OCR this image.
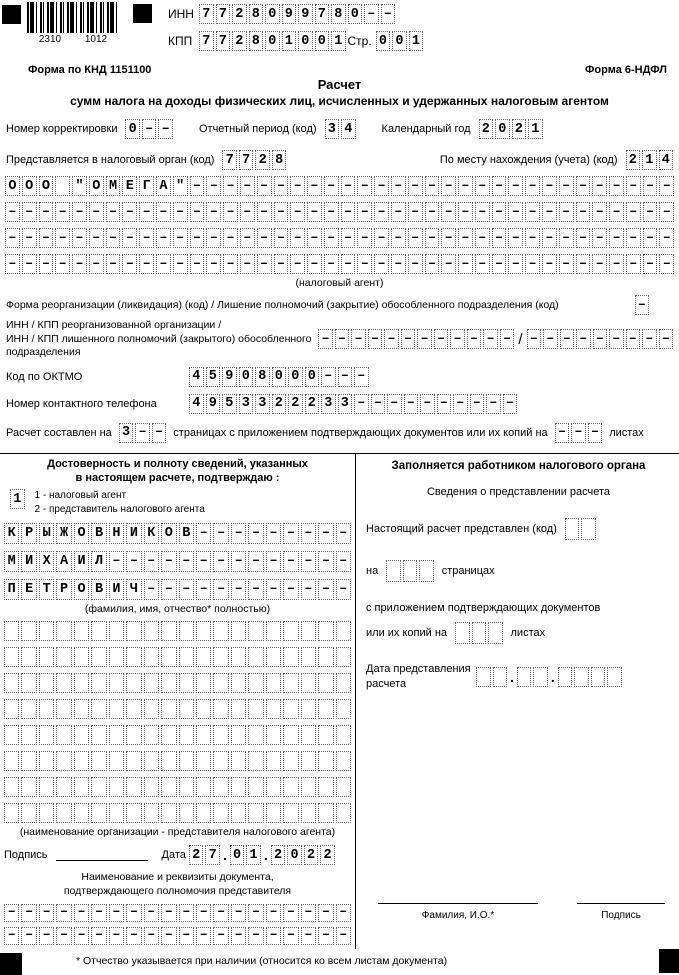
2310 1012
ИНН 7 7 2 8 0 9 9 7 8 0 – –
КПП 7 7 2 8 0 1 0 0 1 Стр. 0 0 1
Форма по КНД 1151100	Форма 6-НДФЛ
Расчет
сумм налога на доходы физических лиц, исчисленных и удержанных налоговым агентом
Номер корректировки 0 – –	Отчетный период (код) 3 4	Календарный год 2 0 2 1
Представляется в налоговый орган (код) 7 7 2 8	По месту нахождения (учета) (код) 2 1 4
О О О
" О М Е Г А " – – – – – – – – – – – – – – – – – – – – – – – – – – – – –
– – – – – – – – – – – – – – – – – – – – – – – – – – – – – – – – – – – – – – – –
– – – – – – – – – – – – – – – – – – – – – – – – – – – – – – – – – – – – – – – –
– – – – – – – – – – – – – – – – – – – – – – – – – – – – – – – – – – – – – – – –
(налоговый агент)
Форма реорганизации (ликвидация) (код) / Лишение полномочий (закрытие) обособленного подразделения (код)	–
ИНН / КПП реорганизованной организации /
ИНН / КПП лишенного полномочий (закрытого) обособленного
подразделения
– – – – – – – – – – – – / – – – – – – – – –
Код по ОКТМО	4 5 9 0 8 0 0 0 – – –
Номер контактного телефона	4 9 5 3 3 2 2 2 3 3 – – – – – – – – – –
Расчет составлен на 3 – – страницах с приложением подтверждающих документов или их копий на – – – листах
Достоверность и полноту сведений, указанных
в настоящем расчете, подтверждаю :
1	1 - налоговый агент
2 - представитель налогового агента
К Р Ы Ж О В Н И К О В – – – – – – – – –
М И Х А И Л – – – – – – – – – – – – – –
П Е Т Р О В И Ч – – – – – – – – – – – –
(фамилия, имя, отчество* полностью)

(наименование организации - представителя налогового агента)
Подпись	Дата
2 7 . 0 1 . 2 0 2 2
Наименование и реквизиты документа,
подтверждающего полномочия представителя
– – – – – – – – – – – – – – – – – – – –
– – – – – – – – – – – – – – – – – – – –
Заполняется работником налогового органа
Сведения о представлении расчета
Настоящий расчет представлен (код)

на

	страницах
с приложением подтверждающих документов
или их копий на

	листах
Дата представления
расчета

	.

	.

Фамилия, И.О.*	Подпись
* Отчество указывается при наличии (относится ко всем листам документа)
